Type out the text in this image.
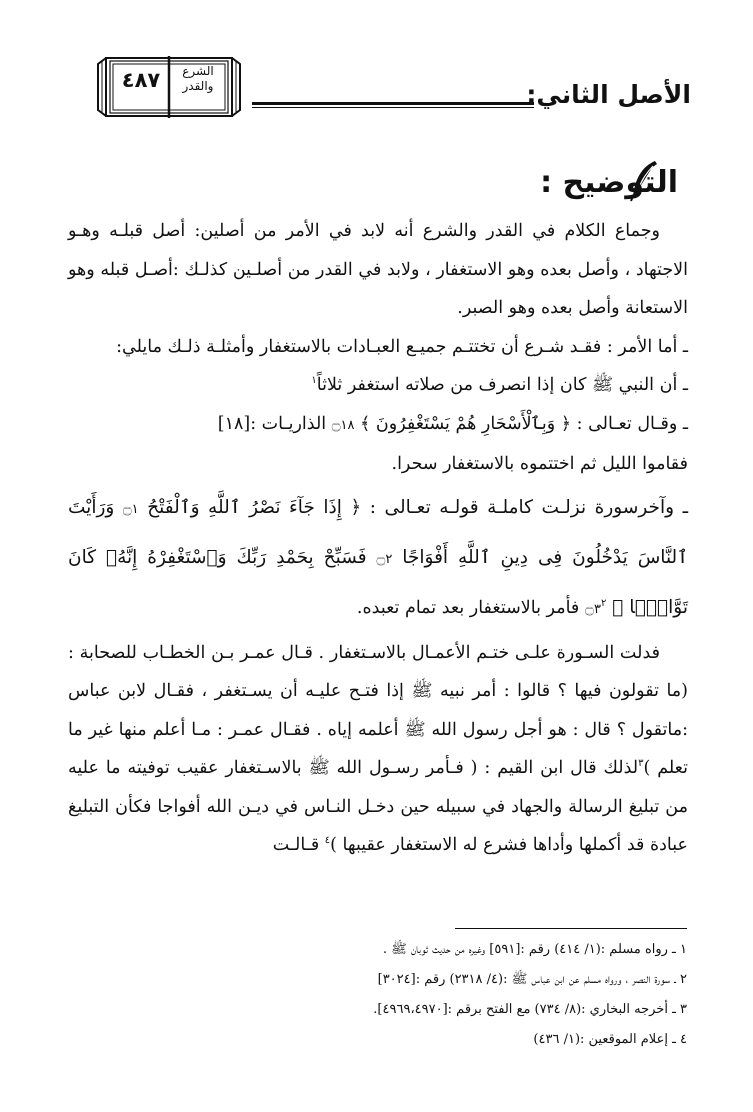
الأصل الثاني:
٤٨٧	الشرع
والقدر
التوضيح :

وجماع الكلام في القدر والشرع أنه لابد في الأمر من أصلين: أصل قبلـه وهـو الاجتهاد ، وأصل بعده وهو الاستغفار ، ولابد في القدر من أصلـين كذلـك :أصـل قبله وهو الاستعانة وأصل بعده وهو الصبر.

ـ أما الأمر : فقـد شـرع أن تختتـم جميـع العبـادات بالاستغفار وأمثلـة ذلـك مايلي:

ـ أن النبي ﷺ كان إذا انصرف من صلاته استغفر ثلاثاً$^١$

ـ وقـال تعـالى : ﴿ وَبِٱلْأَسْحَارِ هُمْ يَسْتَغْفِرُونَ ﴾ ۝١٨ الذاريـات :[١٨]

فقاموا الليل ثم اختتموه بالاستغفار سحرا.

ـ وآخرسورة نزلـت كاملـة قولـه تعـالى : ﴿ إِذَا جَآءَ نَصْرُ ٱللَّهِ وَٱلْفَتْحُ ۝١ وَرَأَيْتَ ٱلنَّاسَ يَدْخُلُونَ فِى دِينِ ٱللَّهِ أَفْوَاجًا ۝٢ فَسَبِّحْ بِحَمْدِ رَبِّكَ وَٱسْتَغْفِرْهُ إِنَّهُۥ كَانَ تَوَّابَۢا ﴾ $۝٣^٢$ فأمر بالاستغفار بعد تمام تعبده.

فدلت السـورة علـى ختـم الأعمـال بالاسـتغفار . قـال عمـر بـن الخطـاب للصحابة : (ما تقولون فيها ؟ قالوا : أمر نبيه ﷺ إذا فتـح عليـه أن يسـتغفر ، فقـال لابن عباس :ماتقول ؟ قال : هو أجل رسول الله ﷺ أعلمه إياه . فقـال عمـر : مـا أعلم منها غير ما تعلم )$^٣$لذلك قال ابن القيم : ( فـأمر رسـول الله ﷺ بالاسـتغفار عقيب توفيته ما عليه من تبليغ الرسالة والجهاد في سبيله حين دخـل النـاس في ديـن الله أفواجا فكأن التبليغ عبادة قد أكملها وأداها فشرع له الاستغفار عقيبها )$^٤$ قـالـت

١ ـ رواه مسلم :(١/ ٤١٤) رقم :[٥٩١] وغيره من حديث ثوبان ﷺ .
٢ ـ سورة النصر ، ورواه مسلم عن ابن عباس ﷺ :(٤/ ٢٣١٨) رقم :[٣٠٢٤]
٣ ـ أخرجه البخاري :(٨/ ٧٣٤) مع الفتح برقم :[٤٩٦٩،٤٩٧٠].
٤ ـ إعلام الموقعين :(١/ ٤٣٦)
